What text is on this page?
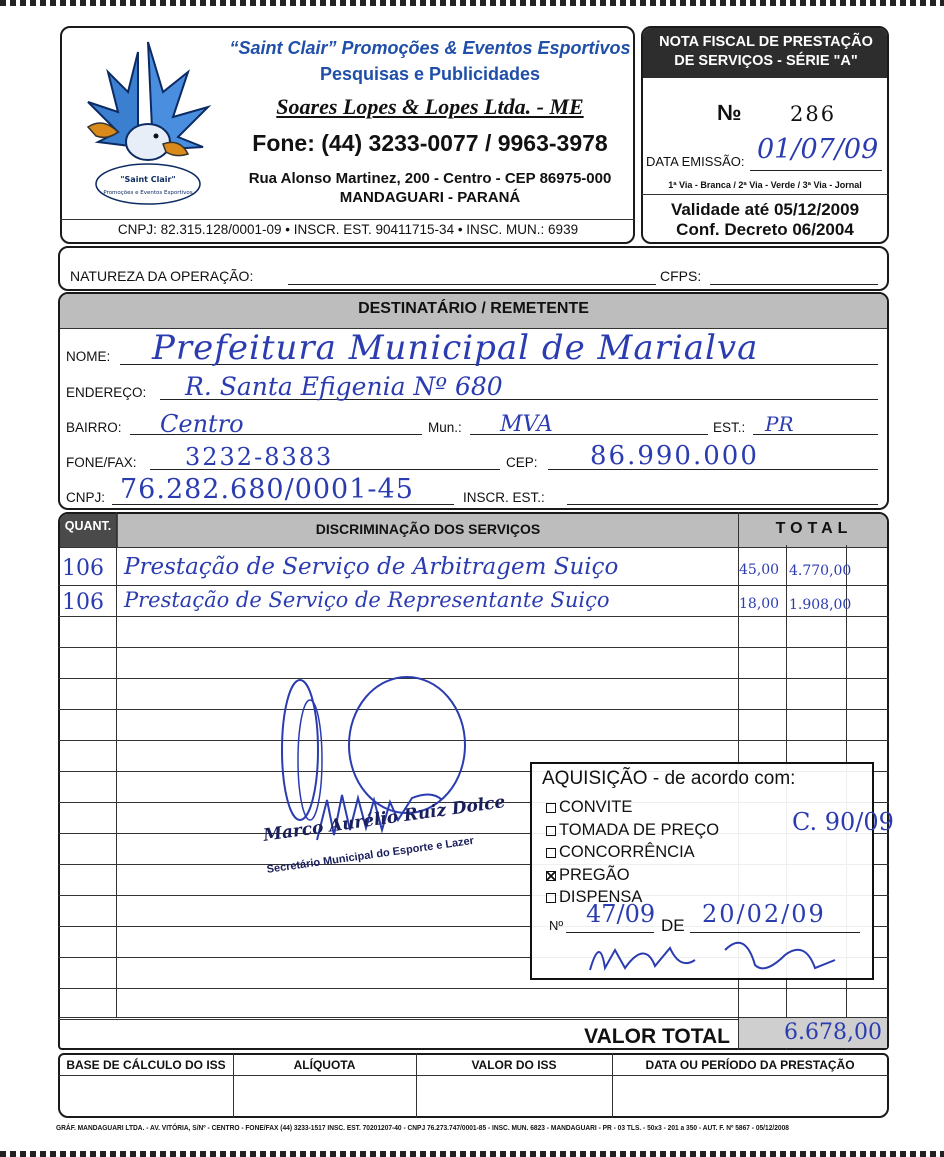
"Saint Clair"
Promoções e Eventos Esportivos
“Saint Clair” Promoções & Eventos Esportivos
Pesquisas e Publicidades
Soares Lopes & Lopes Ltda. - ME
Fone: (44) 3233-0077 / 9963-3978
Rua Alonso Martinez, 200 - Centro - CEP 86975-000
MANDAGUARI - PARANÁ
CNPJ: 82.315.128/0001-09 • INSCR. EST. 90411715-34 • INSC. MUN.: 6939
NOTA FISCAL DE PRESTAÇÃO DE SERVIÇOS - SÉRIE "A"
№ 286
DATA EMISSÃO: 01/07/09
1ª Via - Branca / 2ª Via - Verde / 3ª Via - Jornal
Validade até 05/12/2009
Conf. Decreto 06/2004
NATUREZA DA OPERAÇÃO:	CFPS:
DESTINATÁRIO / REMETENTE
NOME: Prefeitura Municipal de Marialva
ENDEREÇO: R. Santa Efigenia Nº 680
BAIRRO: Centro	Mun.: MVA	EST.: PR
FONE/FAX: 3232-8383	CEP: 86.990.000
CNPJ: 76.282.680/0001-45	INSCR. EST.:
QUANT.	DISCRIMINAÇÃO DOS SERVIÇOS	TOTAL
106 Prestação de Serviço de Arbitragem Suiço	45,00 4.770,00
106 Prestação de Serviço de Representante Suiço	18,00 1.908,00
Marco Aurélio Ruiz Dolce
Secretário Municipal do Esporte e Lazer
AQUISIÇÃO - de acordo com:
CONVITE
TOMADA DE PREÇO
CONCORRÊNCIA
PREGÃO
DISPENSA
Nº 47/09 DE 20/02/09
C. 90/09
VALOR TOTAL 6.678,00
BASE DE CÁLCULO DO ISS	ALÍQUOTA	VALOR DO ISS	DATA OU PERÍODO DA PRESTAÇÃO
GRÁF. MANDAGUARI LTDA. - AV. VITÓRIA, S/Nº - CENTRO - FONE/FAX (44) 3233-1517 INSC. EST. 70201207-40 - CNPJ 76.273.747/0001-85 - INSC. MUN. 6823 - MANDAGUARI - PR - 03 TLS. - 50x3 - 201 a 350 - AUT. F. Nº 5867 - 05/12/2008
